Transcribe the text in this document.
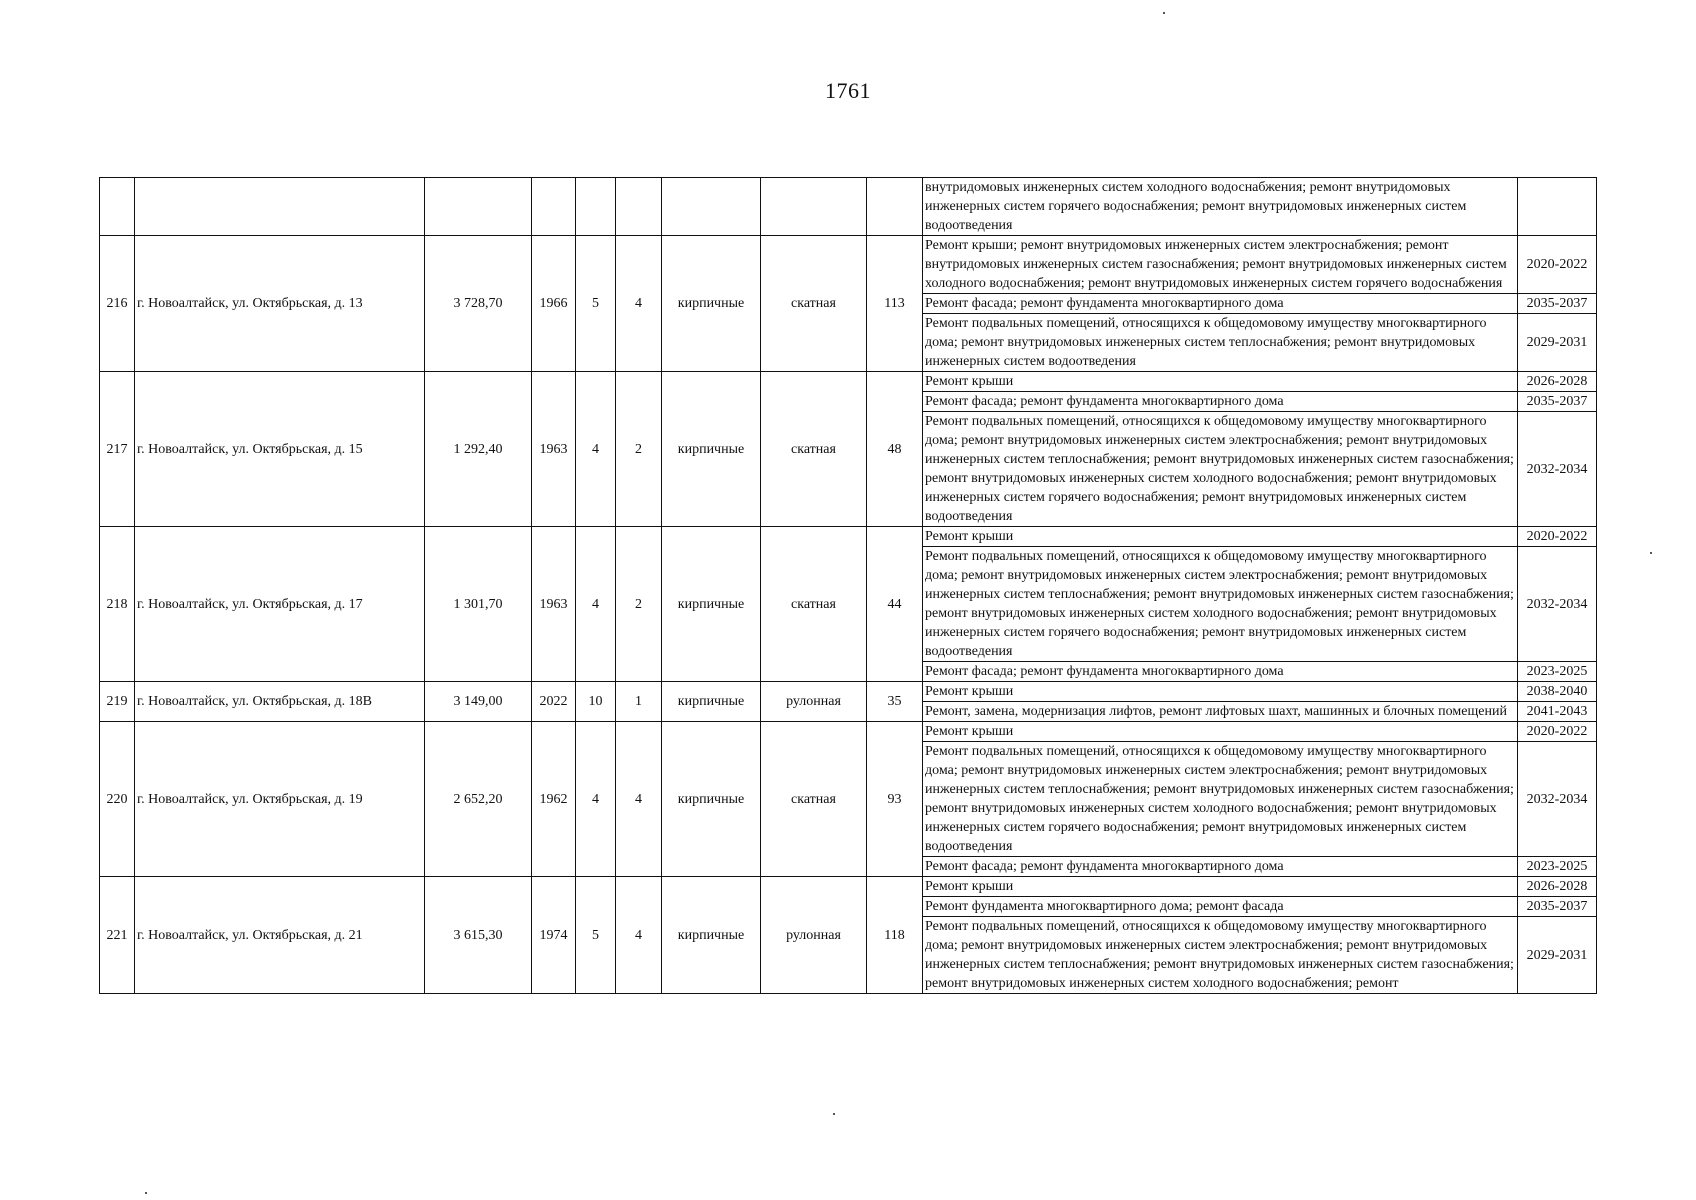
1761
									внутридомовых инженерных систем холодного водоснабжения; ремонт внутридомовых инженерных систем горячего водоснабжения; ремонт внутридомовых инженерных систем водоотведения	
216	г. Новоалтайск, ул. Октябрьская, д. 13	3 728,70	1966	5	4	кирпичные	скатная	113	Ремонт крыши; ремонт внутридомовых инженерных систем электроснабжения; ремонт внутридомовых инженерных систем газоснабжения; ремонт внутридомовых инженерных систем холодного водоснабжения; ремонт внутридомовых инженерных систем горячего водоснабжения	2020-2022
									Ремонт фасада; ремонт фундамента многоквартирного дома	2035-2037
									Ремонт подвальных помещений, относящихся к общедомовому имуществу многоквартирного дома; ремонт внутридомовых инженерных систем теплоснабжения; ремонт внутридомовых инженерных систем водоотведения	2029-2031
217	г. Новоалтайск, ул. Октябрьская, д. 15	1 292,40	1963	4	2	кирпичные	скатная	48	Ремонт крыши	2026-2028
									Ремонт фасада; ремонт фундамента многоквартирного дома	2035-2037
									Ремонт подвальных помещений, относящихся к общедомовому имуществу многоквартирного дома; ремонт внутридомовых инженерных систем электроснабжения; ремонт внутридомовых инженерных систем теплоснабжения; ремонт внутридомовых инженерных систем газоснабжения; ремонт внутридомовых инженерных систем холодного водоснабжения; ремонт внутридомовых инженерных систем горячего водоснабжения; ремонт внутридомовых инженерных систем водоотведения	2032-2034
218	г. Новоалтайск, ул. Октябрьская, д. 17	1 301,70	1963	4	2	кирпичные	скатная	44	Ремонт крыши	2020-2022
									Ремонт подвальных помещений, относящихся к общедомовому имуществу многоквартирного дома; ремонт внутридомовых инженерных систем электроснабжения; ремонт внутридомовых инженерных систем теплоснабжения; ремонт внутридомовых инженерных систем газоснабжения; ремонт внутридомовых инженерных систем холодного водоснабжения; ремонт внутридомовых инженерных систем горячего водоснабжения; ремонт внутридомовых инженерных систем водоотведения	2032-2034
									Ремонт фасада; ремонт фундамента многоквартирного дома	2023-2025
219	г. Новоалтайск, ул. Октябрьская, д. 18В	3 149,00	2022	10	1	кирпичные	рулонная	35	Ремонт крыши	2038-2040
									Ремонт, замена, модернизация лифтов, ремонт лифтовых шахт, машинных и блочных помещений	2041-2043
220	г. Новоалтайск, ул. Октябрьская, д. 19	2 652,20	1962	4	4	кирпичные	скатная	93	Ремонт крыши	2020-2022
									Ремонт подвальных помещений, относящихся к общедомовому имуществу многоквартирного дома; ремонт внутридомовых инженерных систем электроснабжения; ремонт внутридомовых инженерных систем теплоснабжения; ремонт внутридомовых инженерных систем газоснабжения; ремонт внутридомовых инженерных систем холодного водоснабжения; ремонт внутридомовых инженерных систем горячего водоснабжения; ремонт внутридомовых инженерных систем водоотведения	2032-2034
									Ремонт фасада; ремонт фундамента многоквартирного дома	2023-2025
221	г. Новоалтайск, ул. Октябрьская, д. 21	3 615,30	1974	5	4	кирпичные	рулонная	118	Ремонт крыши	2026-2028
									Ремонт фундамента многоквартирного дома; ремонт фасада	2035-2037
									Ремонт подвальных помещений, относящихся к общедомовому имуществу многоквартирного дома; ремонт внутридомовых инженерных систем электроснабжения; ремонт внутридомовых инженерных систем теплоснабжения; ремонт внутридомовых инженерных систем газоснабжения; ремонт внутридомовых инженерных систем холодного водоснабжения; ремонт	2029-2031
